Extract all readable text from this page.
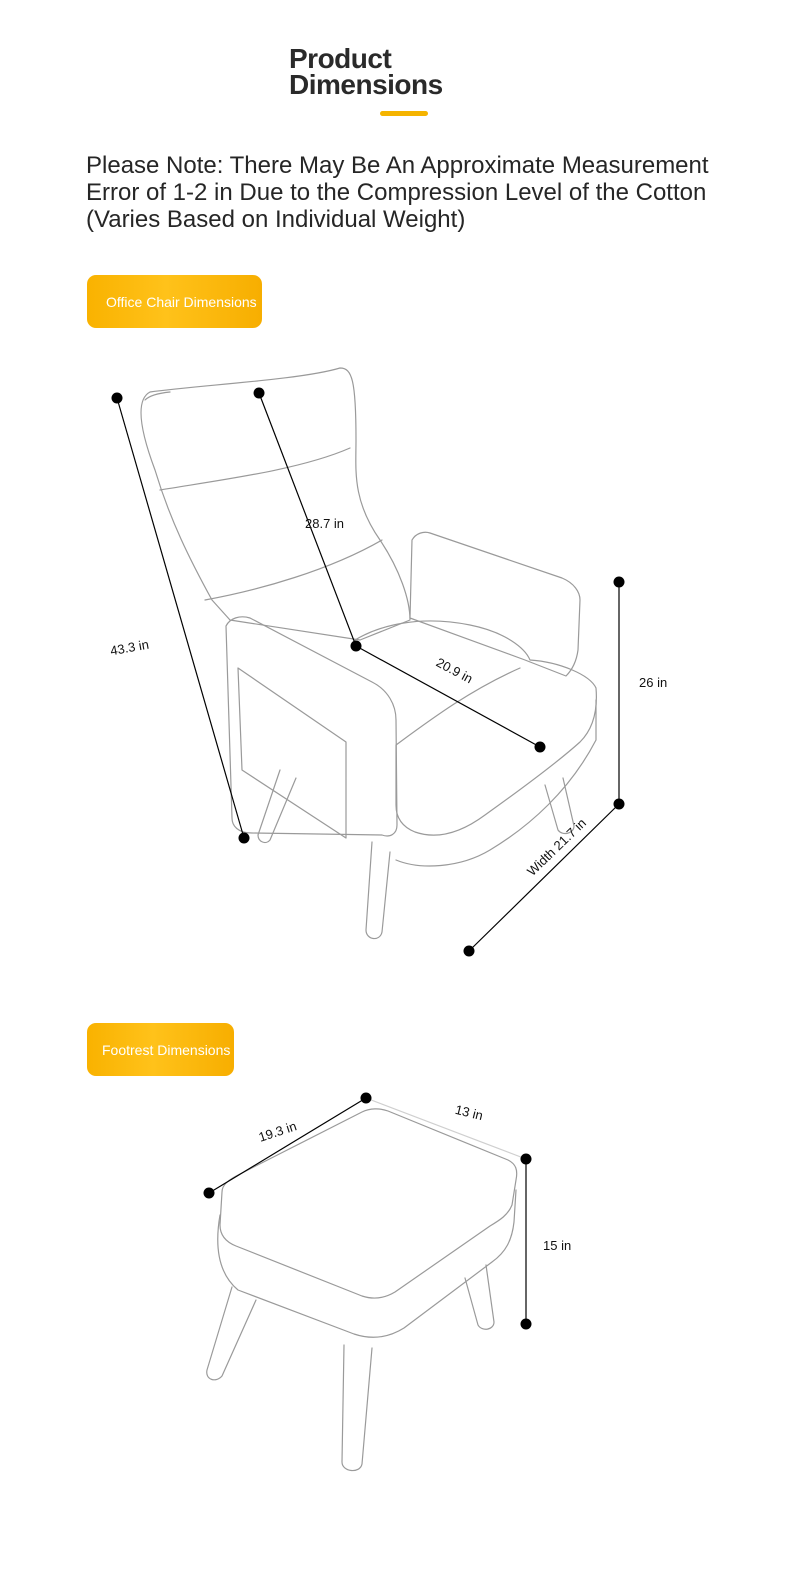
Product
Dimensions

Please Note: There May Be An Approximate Measurement Error of 1-2 in Due to the Compression Level of the Cotton (Varies Based on Individual Weight)

Office Chair Dimensions
43.3 in
28.7 in
20.9 in	26 in
Width 21.7 in
Footrest Dimensions
19.3 in
13 in
15 in
